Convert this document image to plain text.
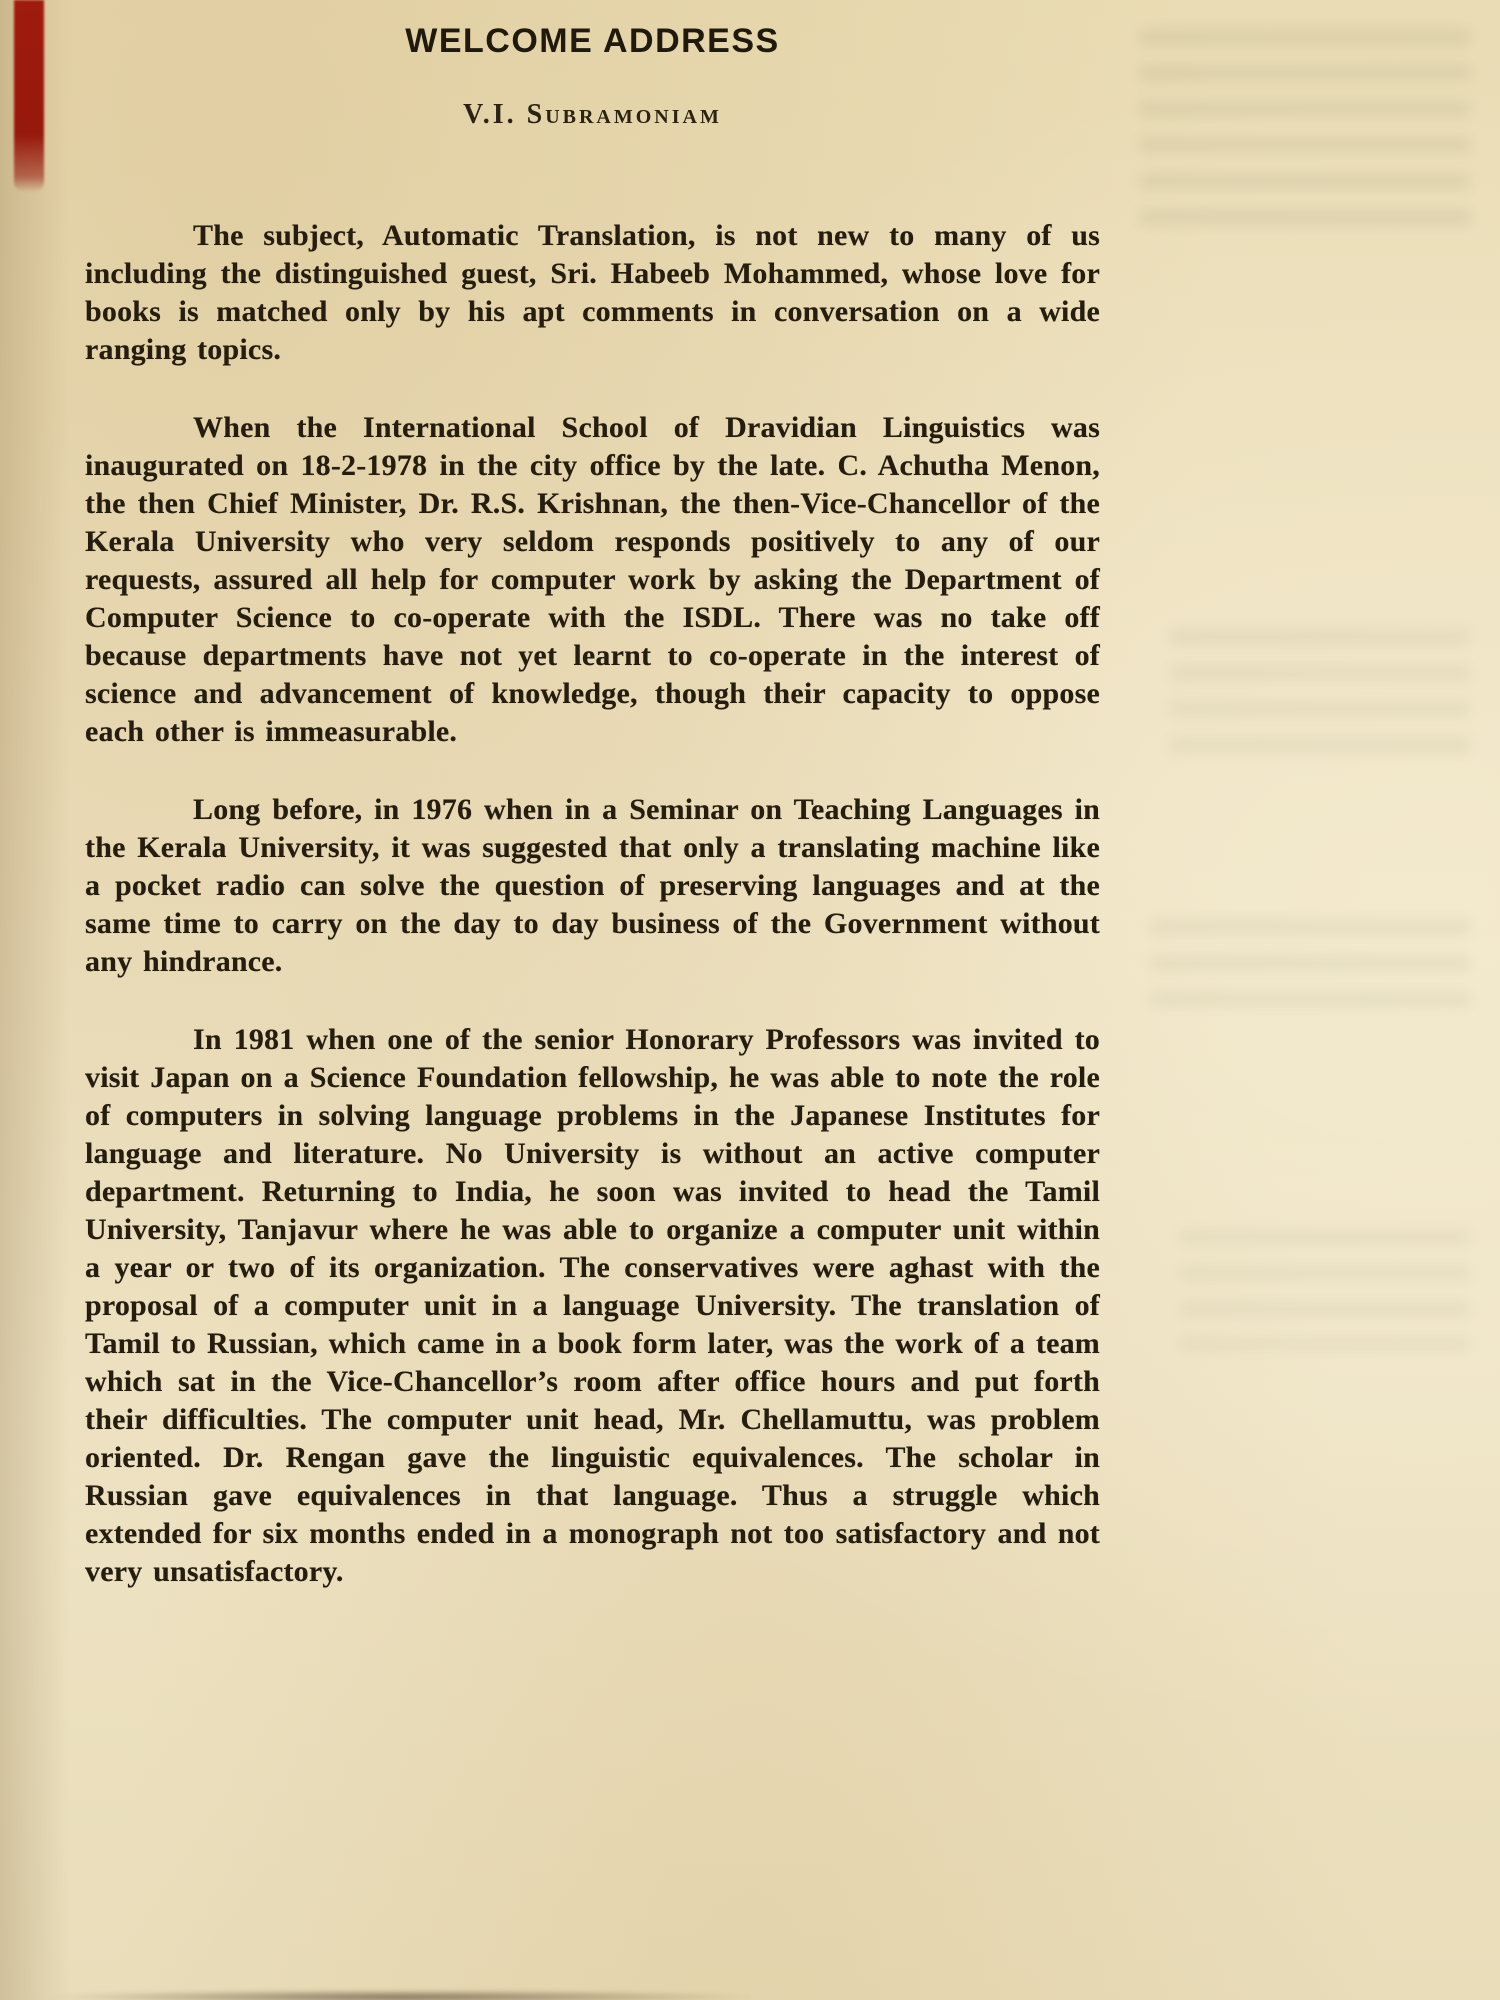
WELCOME ADDRESS
V.I. Subramoniam

The subject, Automatic Translation, is not new to many of us including the distinguished guest, Sri. Habeeb Mohammed, whose love for books is matched only by his apt comments in conversation on a wide ranging topics.

When the International School of Dravidian Linguistics was inaugurated on 18-2-1978 in the city office by the late. C. Achutha Menon, the then Chief Minister, Dr. R.S. Krishnan, the then-Vice-Chancellor of the Kerala University who very seldom responds positively to any of our requests, assured all help for computer work by asking the Department of Computer Science to co-operate with the ISDL. There was no take off because departments have not yet learnt to co-operate in the interest of science and advancement of knowledge, though their capacity to oppose each other is immeasurable.

Long before, in 1976 when in a Seminar on Teaching Languages in the Kerala University, it was suggested that only a translating machine like a pocket radio can solve the question of preserving languages and at the same time to carry on the day to day business of the Government without any hindrance.

In 1981 when one of the senior Honorary Professors was invited to visit Japan on a Science Foundation fellowship, he was able to note the role of computers in solving language problems in the Japanese Institutes for language and literature. No University is without an active computer department. Returning to India, he soon was invited to head the Tamil University, Tanjavur where he was able to organize a computer unit within a year or two of its organization. The conservatives were aghast with the proposal of a computer unit in a language University. The translation of Tamil to Russian, which came in a book form later, was the work of a team which sat in the Vice-Chancellor’s room after office hours and put forth their difficulties. The computer unit head, Mr. Chellamuttu, was problem oriented. Dr. Rengan gave the linguistic equivalences. The scholar in Russian gave equivalences in that language. Thus a struggle which extended for six months ended in a monograph not too satisfactory and not very unsatisfactory.
